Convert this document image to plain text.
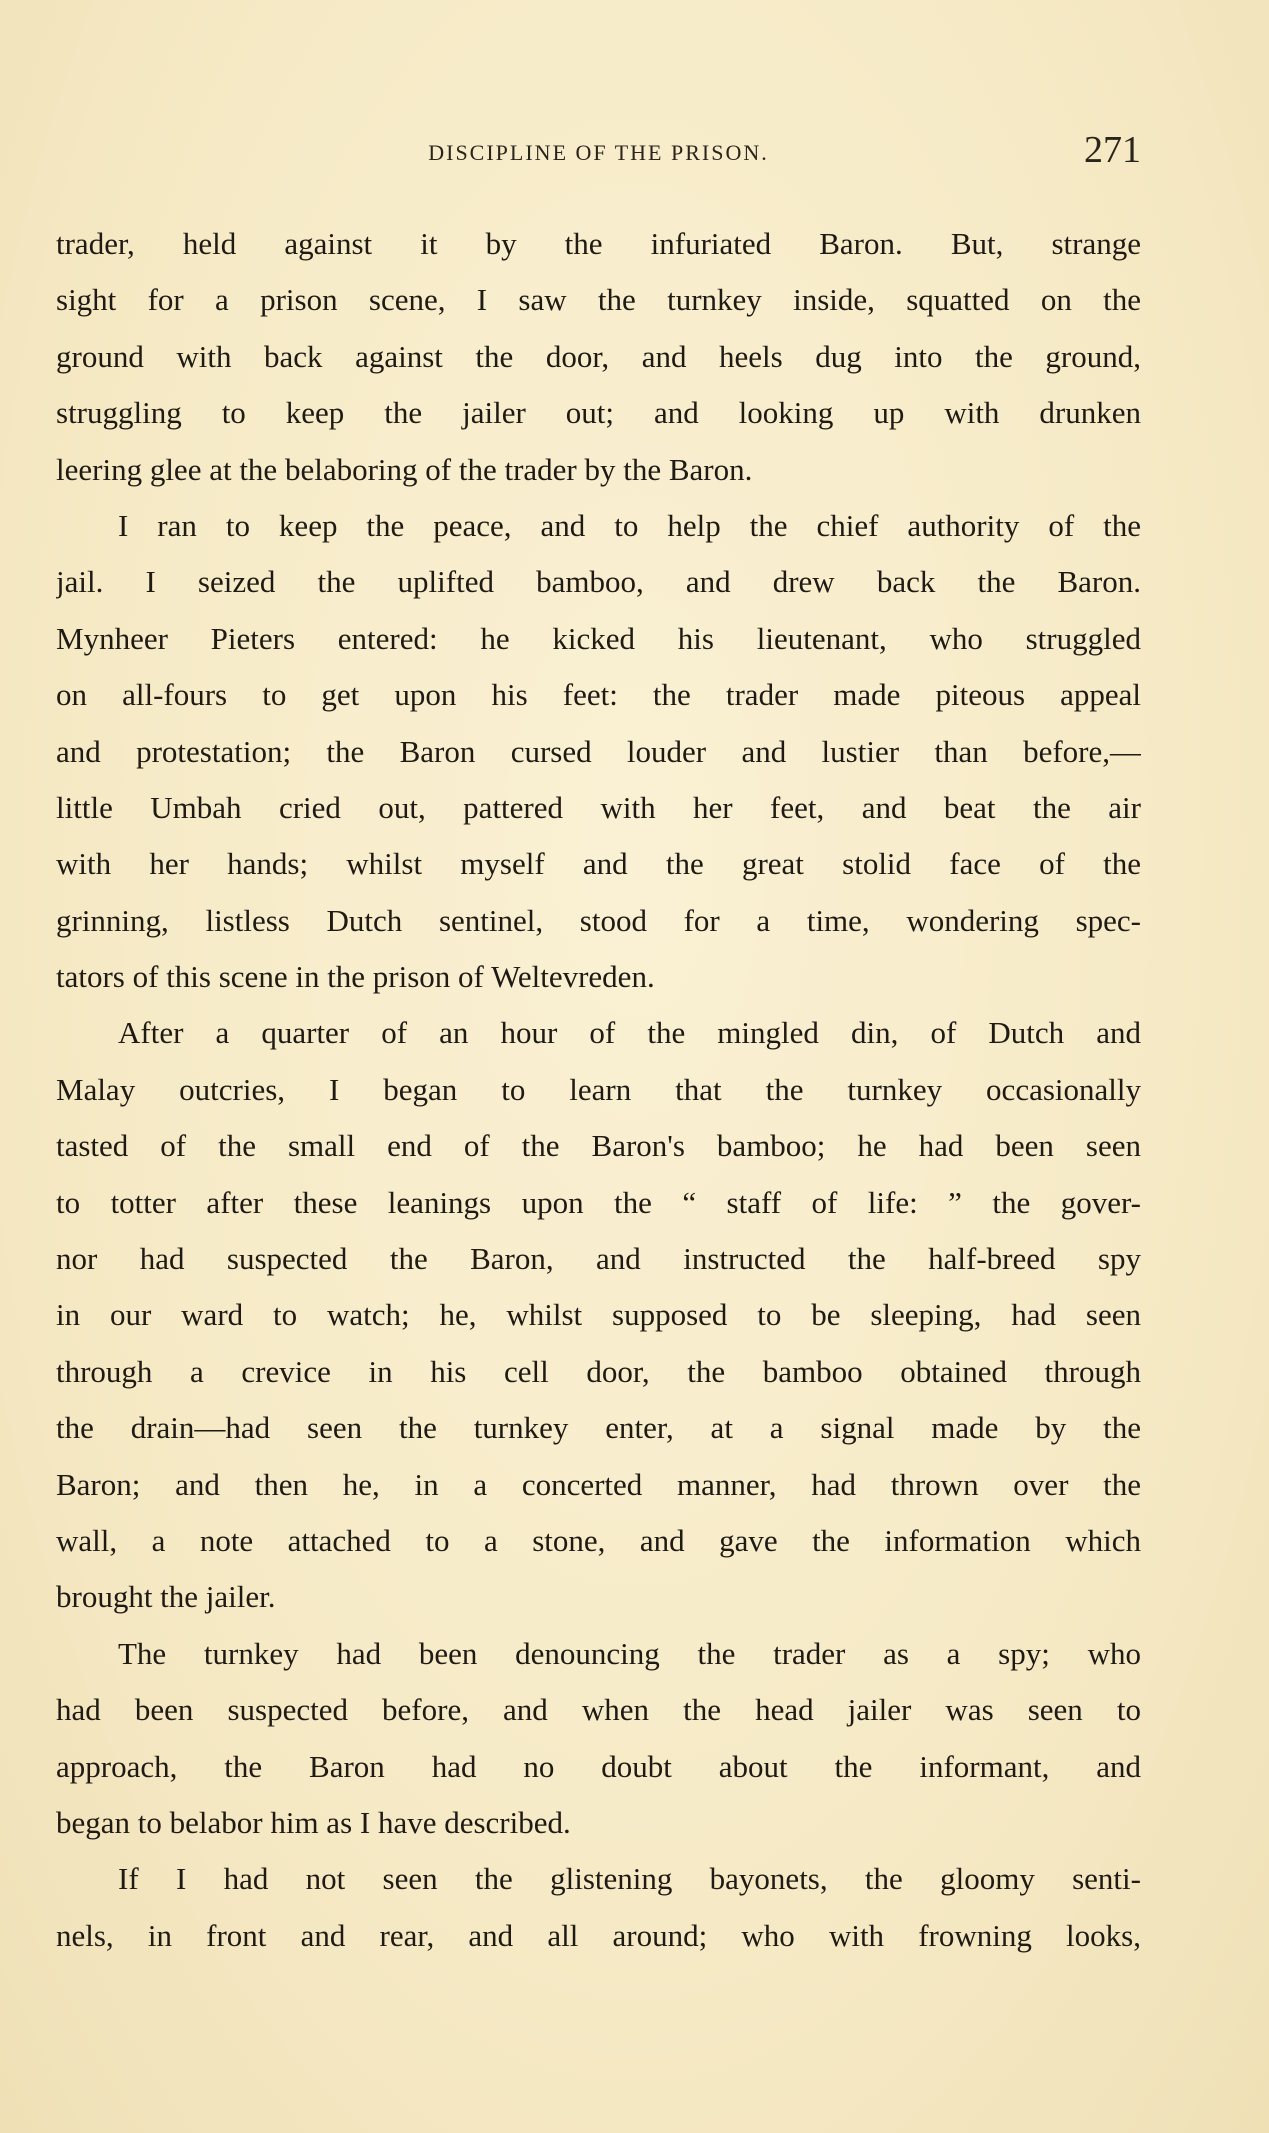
DISCIPLINE OF THE PRISON.	271
trader, held against it by the infuriated Baron. But, strange
sight for a prison scene, I saw the turnkey inside, squatted on the
ground with back against the door, and heels dug into the ground,
struggling to keep the jailer out; and looking up with drunken
leering glee at the belaboring of the trader by the Baron.
I ran to keep the peace, and to help the chief authority of the
jail. I seized the uplifted bamboo, and drew back the Baron.
Mynheer Pieters entered: he kicked his lieutenant, who struggled
on all-fours to get upon his feet: the trader made piteous appeal
and protestation; the Baron cursed louder and lustier than before,—
little Umbah cried out, pattered with her feet, and beat the air
with her hands; whilst myself and the great stolid face of the
grinning, listless Dutch sentinel, stood for a time, wondering spec-
tators of this scene in the prison of Weltevreden.
After a quarter of an hour of the mingled din, of Dutch and
Malay outcries, I began to learn that the turnkey occasionally
tasted of the small end of the Baron's bamboo; he had been seen
to totter after these leanings upon the “ staff of life: ” the gover-
nor had suspected the Baron, and instructed the half-breed spy
in our ward to watch; he, whilst supposed to be sleeping, had seen
through a crevice in his cell door, the bamboo obtained through
the drain—had seen the turnkey enter, at a signal made by the
Baron; and then he, in a concerted manner, had thrown over the
wall, a note attached to a stone, and gave the information which
brought the jailer.
The turnkey had been denouncing the trader as a spy; who
had been suspected before, and when the head jailer was seen to
approach, the Baron had no doubt about the informant, and
began to belabor him as I have described.
If I had not seen the glistening bayonets, the gloomy senti-
nels, in front and rear, and all around; who with frowning looks,
